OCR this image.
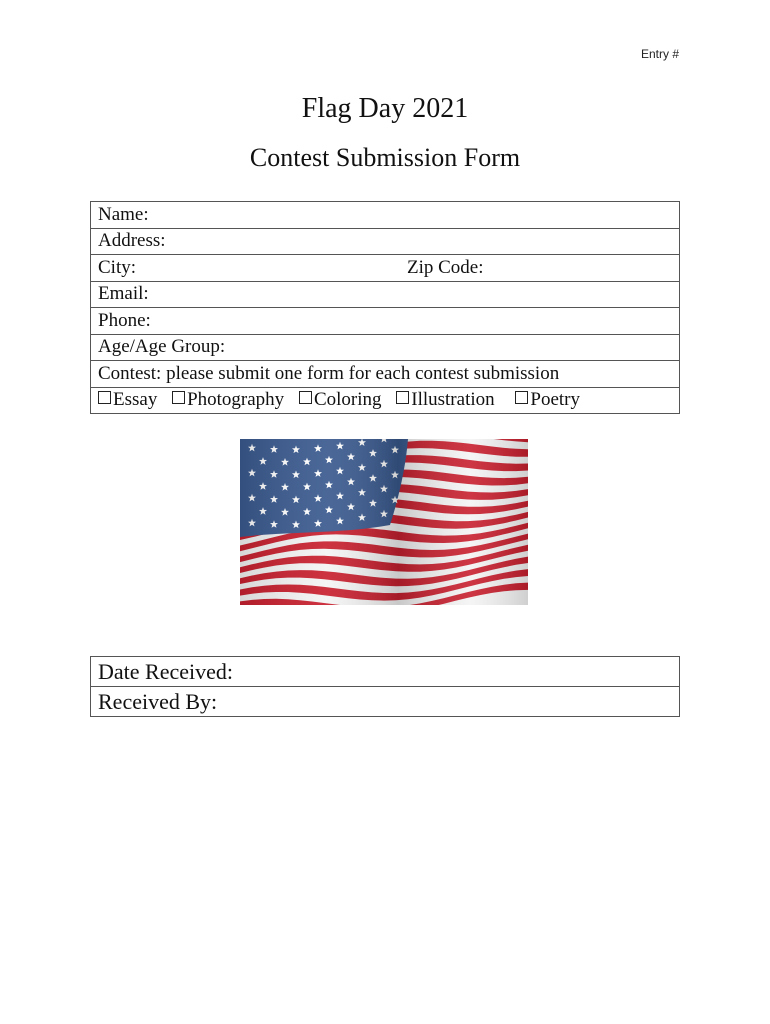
Entry #
Flag Day 2021
Contest Submission Form
Name:
Address:
City:	Zip Code:

Email:
Phone:
Age/Age Group:
Contest: please submit one form for each contest submission
Essay Photography Coloring Illustration Poetry
Date Received:
Received By:
